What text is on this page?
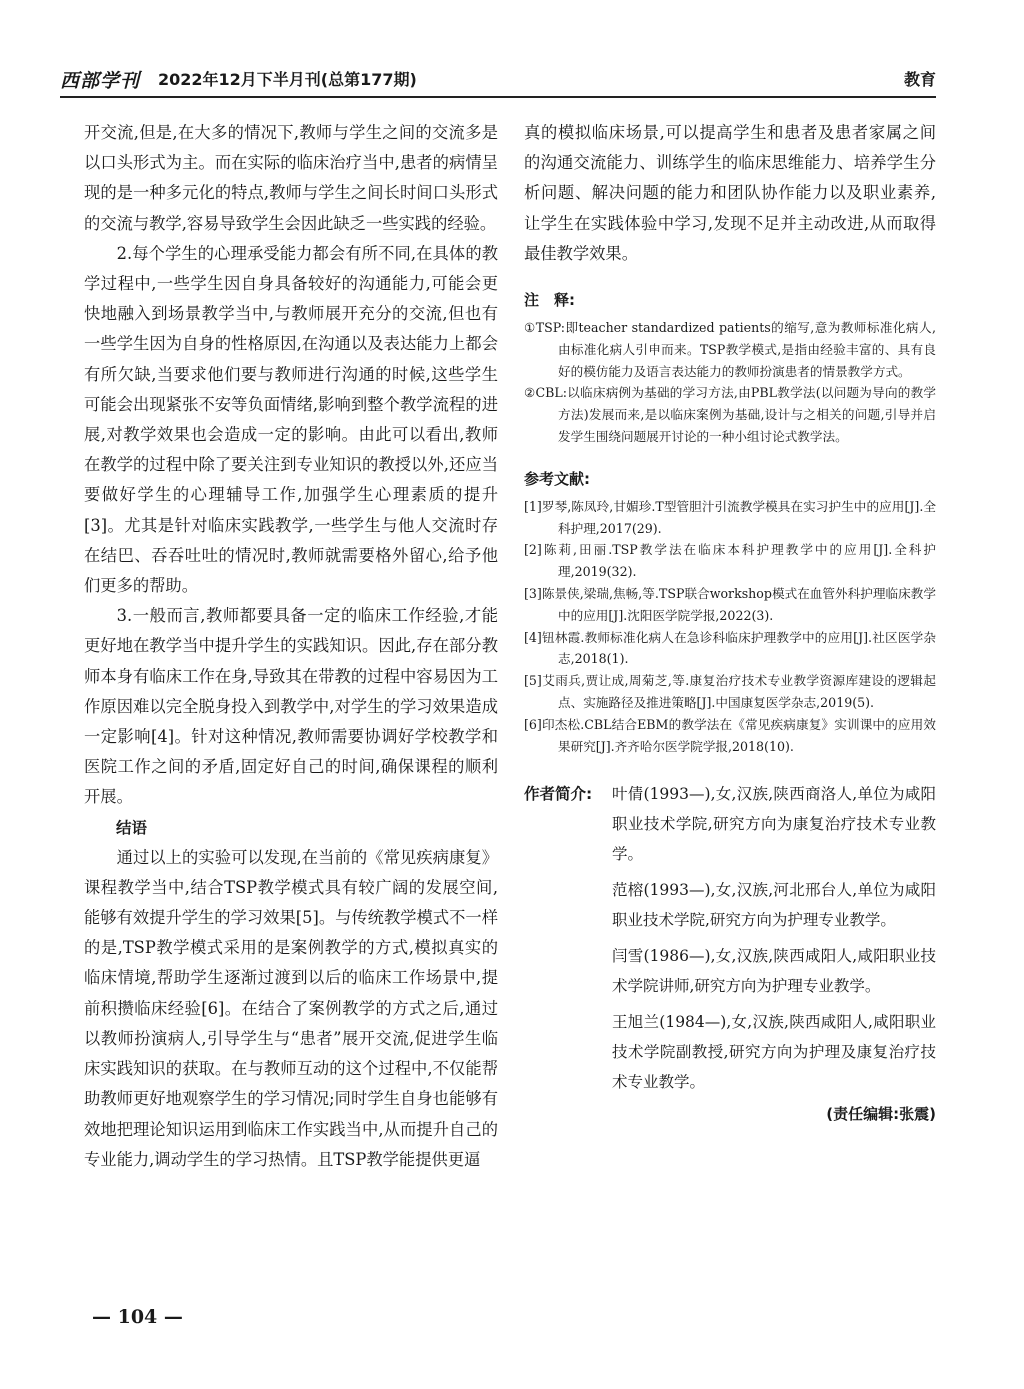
西部学刊 2022年12月下半月刊(总第177期)	教育

开交流,但是,在大多的情况下,教师与学生之间的交流多是以口头形式为主。而在实际的临床治疗当中,患者的病情呈现的是一种多元化的特点,教师与学生之间长时间口头形式的交流与教学,容易导致学生会因此缺乏一些实践的经验。

2.每个学生的心理承受能力都会有所不同,在具体的教学过程中,一些学生因自身具备较好的沟通能力,可能会更快地融入到场景教学当中,与教师展开充分的交流,但也有一些学生因为自身的性格原因,在沟通以及表达能力上都会有所欠缺,当要求他们要与教师进行沟通的时候,这些学生可能会出现紧张不安等负面情绪,影响到整个教学流程的进展,对教学效果也会造成一定的影响。由此可以看出,教师在教学的过程中除了要关注到专业知识的教授以外,还应当要做好学生的心理辅导工作,加强学生心理素质的提升[3]。尤其是针对临床实践教学,一些学生与他人交流时存在结巴、吞吞吐吐的情况时,教师就需要格外留心,给予他们更多的帮助。

3.一般而言,教师都要具备一定的临床工作经验,才能更好地在教学当中提升学生的实践知识。因此,存在部分教师本身有临床工作在身,导致其在带教的过程中容易因为工作原因难以完全脱身投入到教学中,对学生的学习效果造成一定影响[4]。针对这种情况,教师需要协调好学校教学和医院工作之间的矛盾,固定好自己的时间,确保课程的顺利开展。

结语

通过以上的实验可以发现,在当前的《常见疾病康复》课程教学当中,结合TSP教学模式具有较广阔的发展空间,能够有效提升学生的学习效果[5]。与传统教学模式不一样的是,TSP教学模式采用的是案例教学的方式,模拟真实的临床情境,帮助学生逐渐过渡到以后的临床工作场景中,提前积攒临床经验[6]。在结合了案例教学的方式之后,通过以教师扮演病人,引导学生与“患者”展开交流,促进学生临床实践知识的获取。在与教师互动的这个过程中,不仅能帮助教师更好地观察学生的学习情况;同时学生自身也能够有效地把理论知识运用到临床工作实践当中,从而提升自己的专业能力,调动学生的学习热情。且TSP教学能提供更逼

真的模拟临床场景,可以提高学生和患者及患者家属之间的沟通交流能力、训练学生的临床思维能力、培养学生分析问题、解决问题的能力和团队协作能力以及职业素养,让学生在实践体验中学习,发现不足并主动改进,从而取得最佳教学效果。

注　释:

①TSP:即teacher standardized patients的缩写,意为教师标准化病人,由标准化病人引申而来。TSP教学模式,是指由经验丰富的、具有良好的模仿能力及语言表达能力的教师扮演患者的情景教学方式。

②CBL:以临床病例为基础的学习方法,由PBL教学法(以问题为导向的教学方法)发展而来,是以临床案例为基础,设计与之相关的问题,引导并启发学生围绕问题展开讨论的一种小组讨论式教学法。

参考文献:

[1]罗琴,陈凤玲,甘媚珍.T型管胆汁引流教学模具在实习护生中的应用[J].全科护理,2017(29).

[2]陈莉,田丽.TSP教学法在临床本科护理教学中的应用[J].全科护理,2019(32).

[3]陈景侠,梁瑞,焦畅,等.TSP联合workshop模式在血管外科护理临床教学中的应用[J].沈阳医学院学报,2022(3).

[4]钮林霞.教师标准化病人在急诊科临床护理教学中的应用[J].社区医学杂志,2018(1).

[5]艾雨兵,贾让成,周菊芝,等.康复治疗技术专业教学资源库建设的逻辑起点、实施路径及推进策略[J].中国康复医学杂志,2019(5).

[6]印杰松.CBL结合EBM的教学法在《常见疾病康复》实训课中的应用效果研究[J].齐齐哈尔医学院学报,2018(10).

作者简介: 叶倩(1993—),女,汉族,陕西商洛人,单位为咸阳职业技术学院,研究方向为康复治疗技术专业教学。

范榕(1993—),女,汉族,河北邢台人,单位为咸阳职业技术学院,研究方向为护理专业教学。

闫雪(1986—),女,汉族,陕西咸阳人,咸阳职业技术学院讲师,研究方向为护理专业教学。

王旭兰(1984—),女,汉族,陕西咸阳人,咸阳职业技术学院副教授,研究方向为护理及康复治疗技术专业教学。

(责任编辑:张震)
— 104 —
